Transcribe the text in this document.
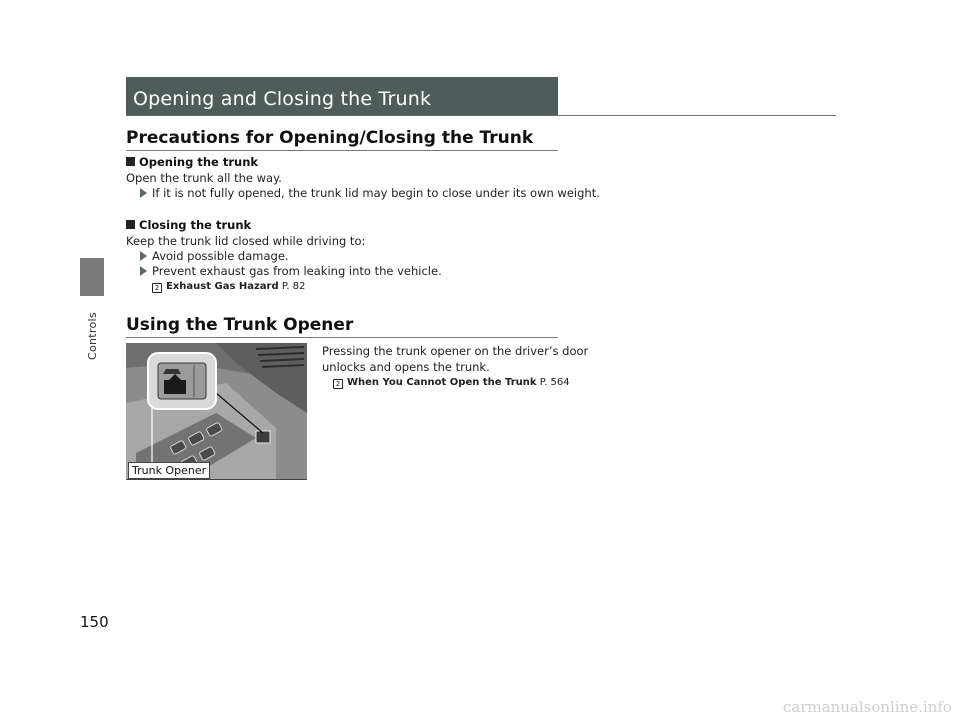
Controls
150
Opening and Closing the Trunk
Precautions for Opening/Closing the Trunk
Opening the trunk
Open the trunk all the way.
If it is not fully opened, the trunk lid may begin to close under its own weight.
Closing the trunk
Keep the trunk lid closed while driving to:
Avoid possible damage.
Prevent exhaust gas from leaking into the vehicle.
2 Exhaust Gas Hazard P. 82
Using the Trunk Opener
Trunk Opener
Pressing the trunk opener on the driver’s door
unlocks and opens the trunk.
2 When You Cannot Open the Trunk P. 564
carmanualsonline.info
